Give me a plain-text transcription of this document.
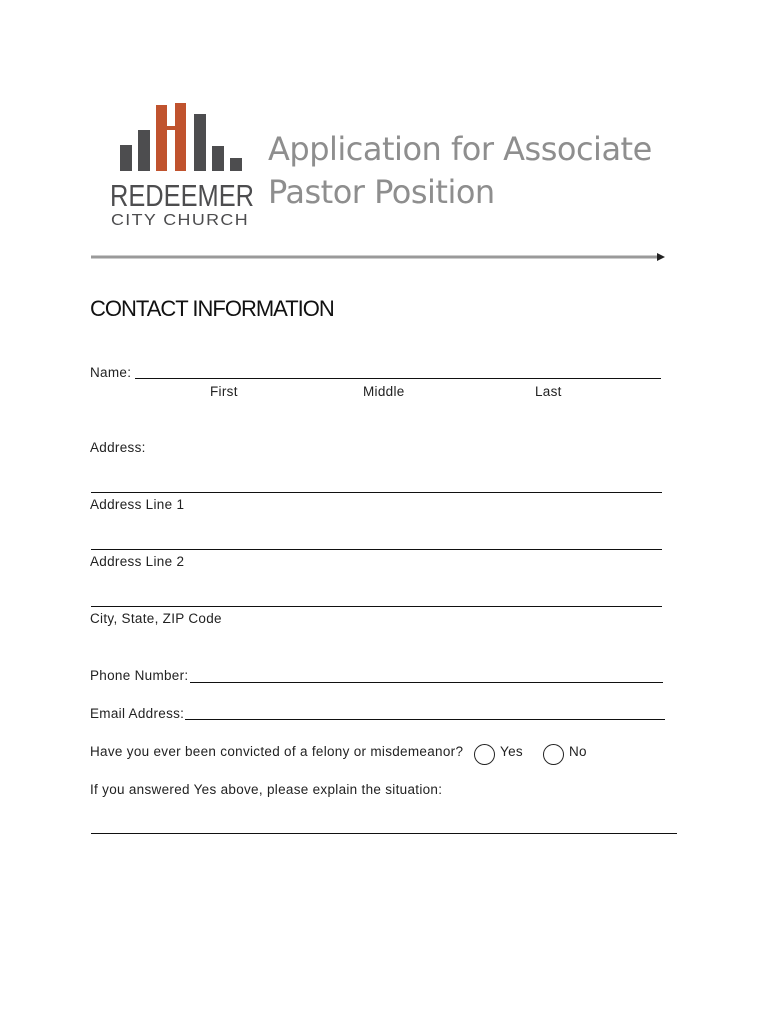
REDEEMER
CITY CHURCH
Application for Associate
Pastor Position
CONTACT INFORMATION
Name:
First	Middle	Last
Address:
Address Line 1
Address Line 2
City, State, ZIP Code
Phone Number:
Email Address:
Have you ever been convicted of a felony or misdemeanor?	Yes	No
If you answered Yes above, please explain the situation:
